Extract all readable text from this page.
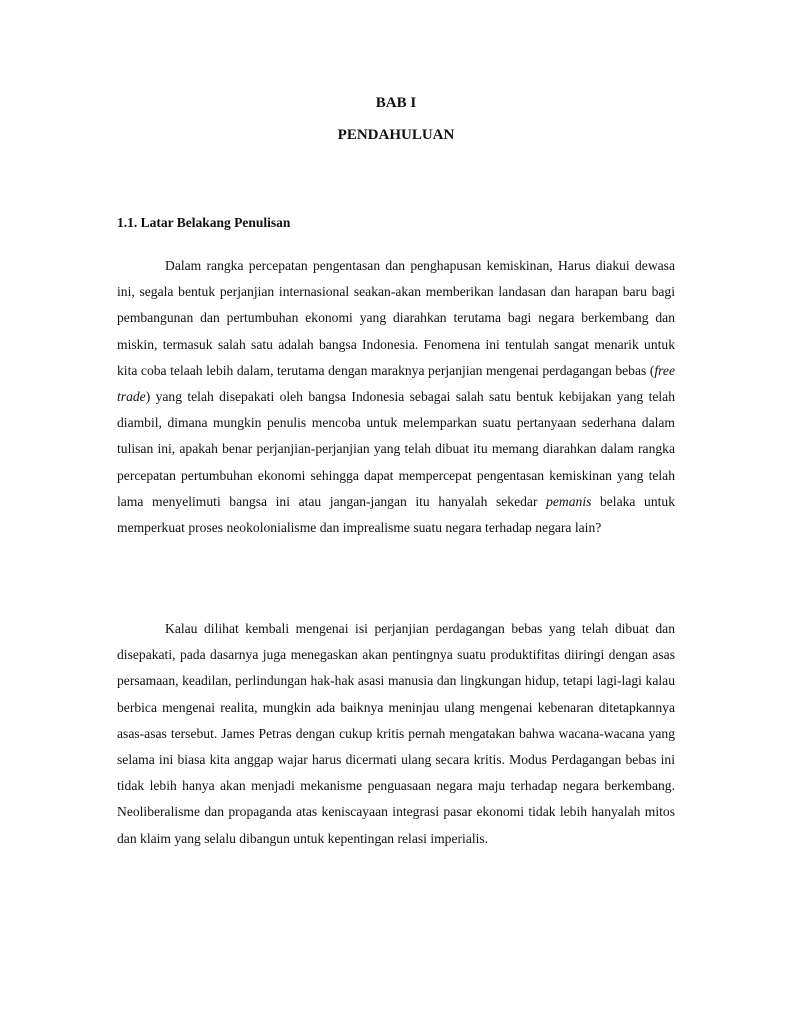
BAB I
PENDAHULUAN
1.1. Latar Belakang Penulisan

Dalam rangka percepatan pengentasan dan penghapusan kemiskinan, Harus diakui dewasa ini, segala bentuk perjanjian internasional seakan-akan memberikan landasan dan harapan baru bagi pembangunan dan pertumbuhan ekonomi yang diarahkan terutama bagi negara berkembang dan miskin, termasuk salah satu adalah bangsa Indonesia. Fenomena ini tentulah sangat menarik untuk kita coba telaah lebih dalam, terutama dengan maraknya perjanjian mengenai perdagangan bebas (free trade) yang telah disepakati oleh bangsa Indonesia sebagai salah satu bentuk kebijakan yang telah diambil, dimana mungkin penulis mencoba untuk melemparkan suatu pertanyaan sederhana dalam tulisan ini, apakah benar perjanjian-perjanjian yang telah dibuat itu memang diarahkan dalam rangka percepatan pertumbuhan ekonomi sehingga dapat mempercepat pengentasan kemiskinan yang telah lama menyelimuti bangsa ini atau jangan-jangan itu hanyalah sekedar pemanis belaka untuk memperkuat proses neokolonialisme dan imprealisme suatu negara terhadap negara lain?

Kalau dilihat kembali mengenai isi perjanjian perdagangan bebas yang telah dibuat dan disepakati, pada dasarnya juga menegaskan akan pentingnya suatu produktifitas diiringi dengan asas persamaan, keadilan, perlindungan hak-hak asasi manusia dan lingkungan hidup, tetapi lagi-lagi kalau berbica mengenai realita, mungkin ada baiknya meninjau ulang mengenai kebenaran ditetapkannya asas-asas tersebut. James Petras dengan cukup kritis pernah mengatakan bahwa wacana-wacana yang selama ini biasa kita anggap wajar harus dicermati ulang secara kritis. Modus Perdagangan bebas ini tidak lebih hanya akan menjadi mekanisme penguasaan negara maju terhadap negara berkembang. Neoliberalisme dan propaganda atas keniscayaan integrasi pasar ekonomi tidak lebih hanyalah mitos dan klaim yang selalu dibangun untuk kepentingan relasi imperialis.
